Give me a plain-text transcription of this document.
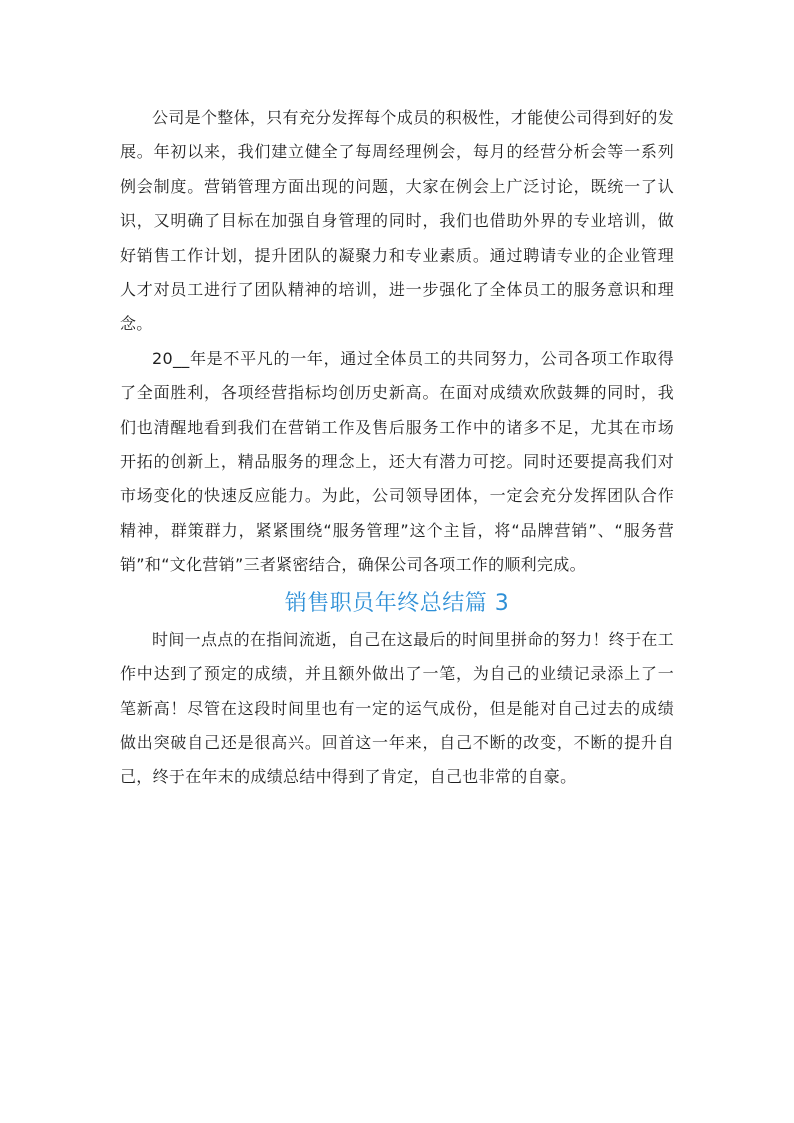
公司是个整体，只有充分发挥每个成员的积极性，才能使公司得到好的发展。年初以来，我们建立健全了每周经理例会，每月的经营分析会等一系列例会制度。营销管理方面出现的问题，大家在例会上广泛讨论，既统一了认识，又明确了目标在加强自身管理的同时，我们也借助外界的专业培训，做好销售工作计划，提升团队的凝聚力和专业素质。通过聘请专业的企业管理人才对员工进行了团队精神的培训，进一步强化了全体员工的服务意识和理念。

20__年是不平凡的一年，通过全体员工的共同努力，公司各项工作取得了全面胜利，各项经营指标均创历史新高。在面对成绩欢欣鼓舞的同时，我们也清醒地看到我们在营销工作及售后服务工作中的诸多不足，尤其在市场开拓的创新上，精品服务的理念上，还大有潜力可挖。同时还要提高我们对市场变化的快速反应能力。为此，公司领导团体，一定会充分发挥团队合作精神，群策群力，紧紧围绕“服务管理”这个主旨，将“品牌营销”、“服务营销”和“文化营销”三者紧密结合，确保公司各项工作的顺利完成。

销售职员年终总结篇 3

时间一点点的在指间流逝，自己在这最后的时间里拼命的努力！终于在工作中达到了预定的成绩，并且额外做出了一笔，为自己的业绩记录添上了一笔新高！尽管在这段时间里也有一定的运气成份，但是能对自己过去的成绩做出突破自己还是很高兴。回首这一年来，自己不断的改变，不断的提升自己，终于在年末的成绩总结中得到了肯定，自己也非常的自豪。
